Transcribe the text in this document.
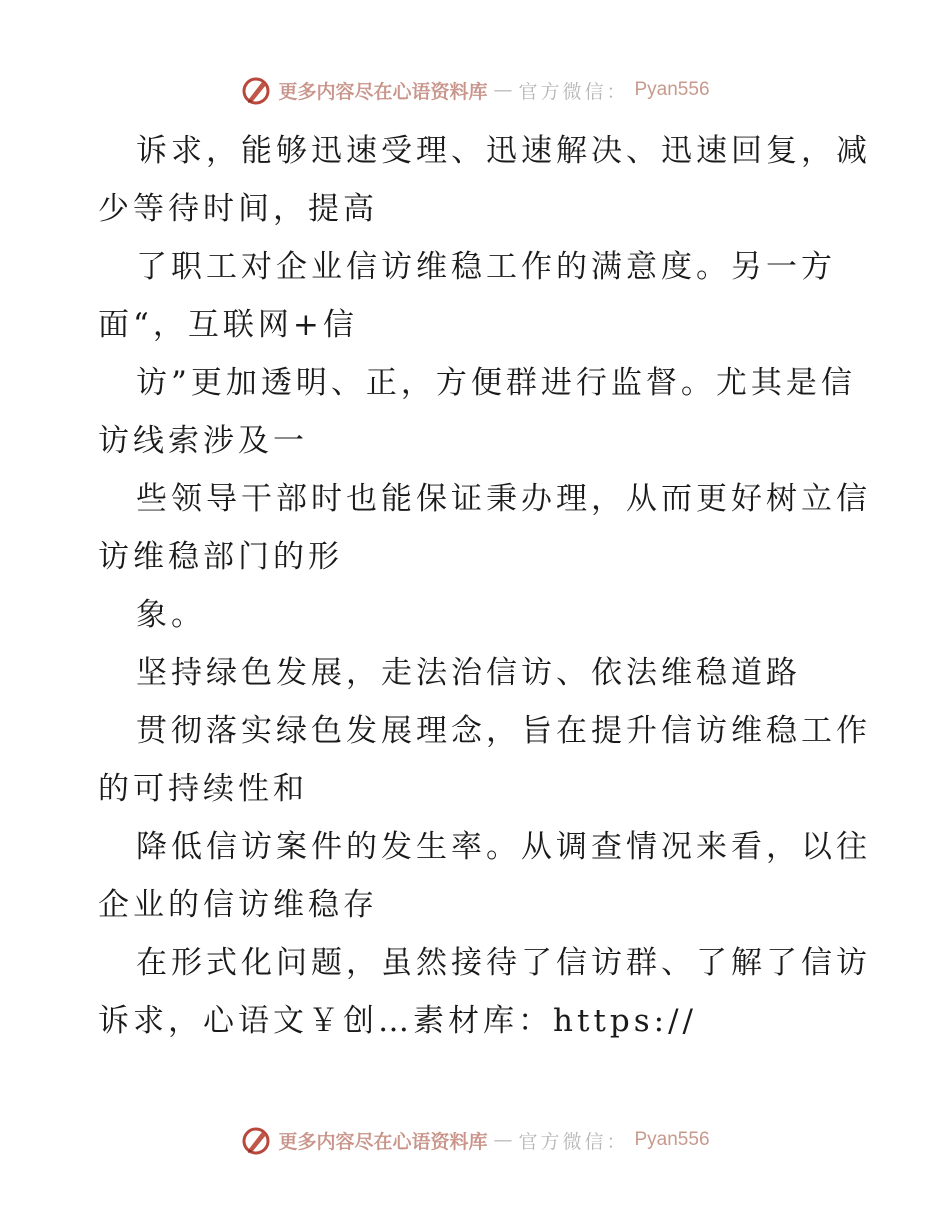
更多内容尽在心语资料库 — 官方微信： Pyan556
诉求，能够迅速受理、迅速解决、迅速回复，减
少等待时间，提高
了职工对企业信访维稳工作的满意度。另一方
面“，互联网+信
访”更加透明、正，方便群进行监督。尤其是信
访线索涉及一
些领导干部时也能保证秉办理，从而更好树立信
访维稳部门的形
象。
坚持绿色发展，走法治信访、依法维稳道路
贯彻落实绿色发展理念，旨在提升信访维稳工作
的可持续性和
降低信访案件的发生率。从调查情况来看，以往
企业的信访维稳存
在形式化问题，虽然接待了信访群、了解了信访
诉求，心语文￥创…素材库：https://
更多内容尽在心语资料库 — 官方微信： Pyan556
